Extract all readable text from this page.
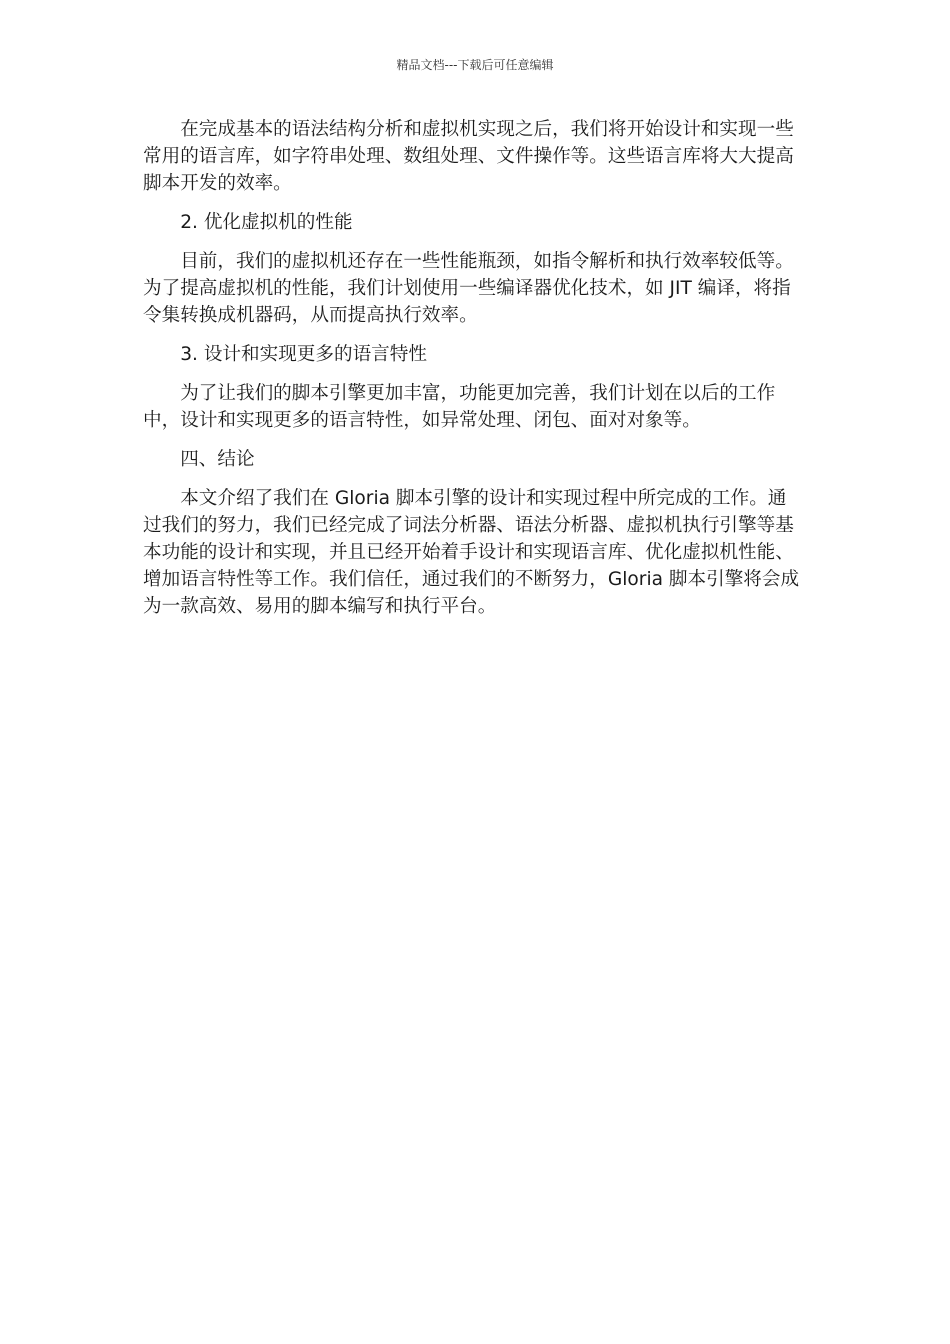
精品文档---下载后可任意编辑

在完成基本的语法结构分析和虚拟机实现之后，我们将开始设计和实现一些常用的语言库，如字符串处理、数组处理、文件操作等。这些语言库将大大提高脚本开发的效率。

2. 优化虚拟机的性能

目前，我们的虚拟机还存在一些性能瓶颈，如指令解析和执行效率较低等。为了提高虚拟机的性能，我们计划使用一些编译器优化技术，如 JIT 编译，将指令集转换成机器码，从而提高执行效率。

3. 设计和实现更多的语言特性

为了让我们的脚本引擎更加丰富，功能更加完善，我们计划在以后的工作中，设计和实现更多的语言特性，如异常处理、闭包、面对对象等。

四、结论

本文介绍了我们在 Gloria 脚本引擎的设计和实现过程中所完成的工作。通过我们的努力，我们已经完成了词法分析器、语法分析器、虚拟机执行引擎等基本功能的设计和实现，并且已经开始着手设计和实现语言库、优化虚拟机性能、增加语言特性等工作。我们信任，通过我们的不断努力，Gloria 脚本引擎将会成为一款高效、易用的脚本编写和执行平台。
